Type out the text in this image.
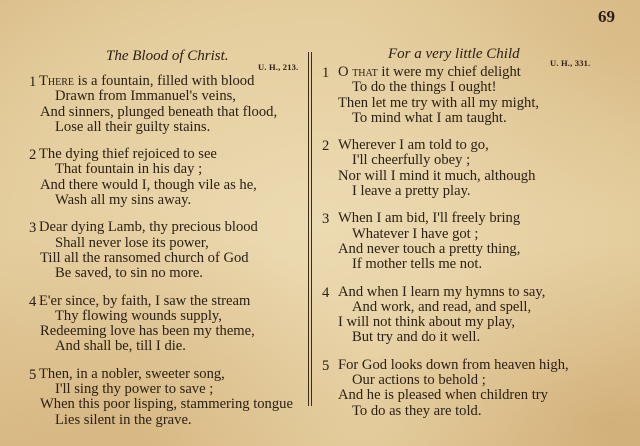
69
The Blood of Christ.
U. H., 213.
1 There is a fountain, filled with blood
Drawn from Immanuel's veins,
And sinners, plunged beneath that flood,
Lose all their guilty stains.
2 The dying thief rejoiced to see
That fountain in his day ;
And there would I, though vile as he,
Wash all my sins away.
3 Dear dying Lamb, thy precious blood
Shall never lose its power,
Till all the ransomed church of God
Be saved, to sin no more.
4 E'er since, by faith, I saw the stream
Thy flowing wounds supply,
Redeeming love has been my theme,
And shall be, till I die.
5 Then, in a nobler, sweeter song,
I'll sing thy power to save ;
When this poor lisping, stammering tongue
Lies silent in the grave.
For a very little Child
U. H., 331.
1 O that it were my chief delight
To do the things I ought!
Then let me try with all my might,
To mind what I am taught.
2 Wherever I am told to go,
I'll cheerfully obey ;
Nor will I mind it much, although
I leave a pretty play.
3 When I am bid, I'll freely bring
Whatever I have got ;
And never touch a pretty thing,
If mother tells me not.
4 And when I learn my hymns to say,
And work, and read, and spell,
I will not think about my play,
But try and do it well.
5 For God looks down from heaven high,
Our actions to behold ;
And he is pleased when children try
To do as they are told.
